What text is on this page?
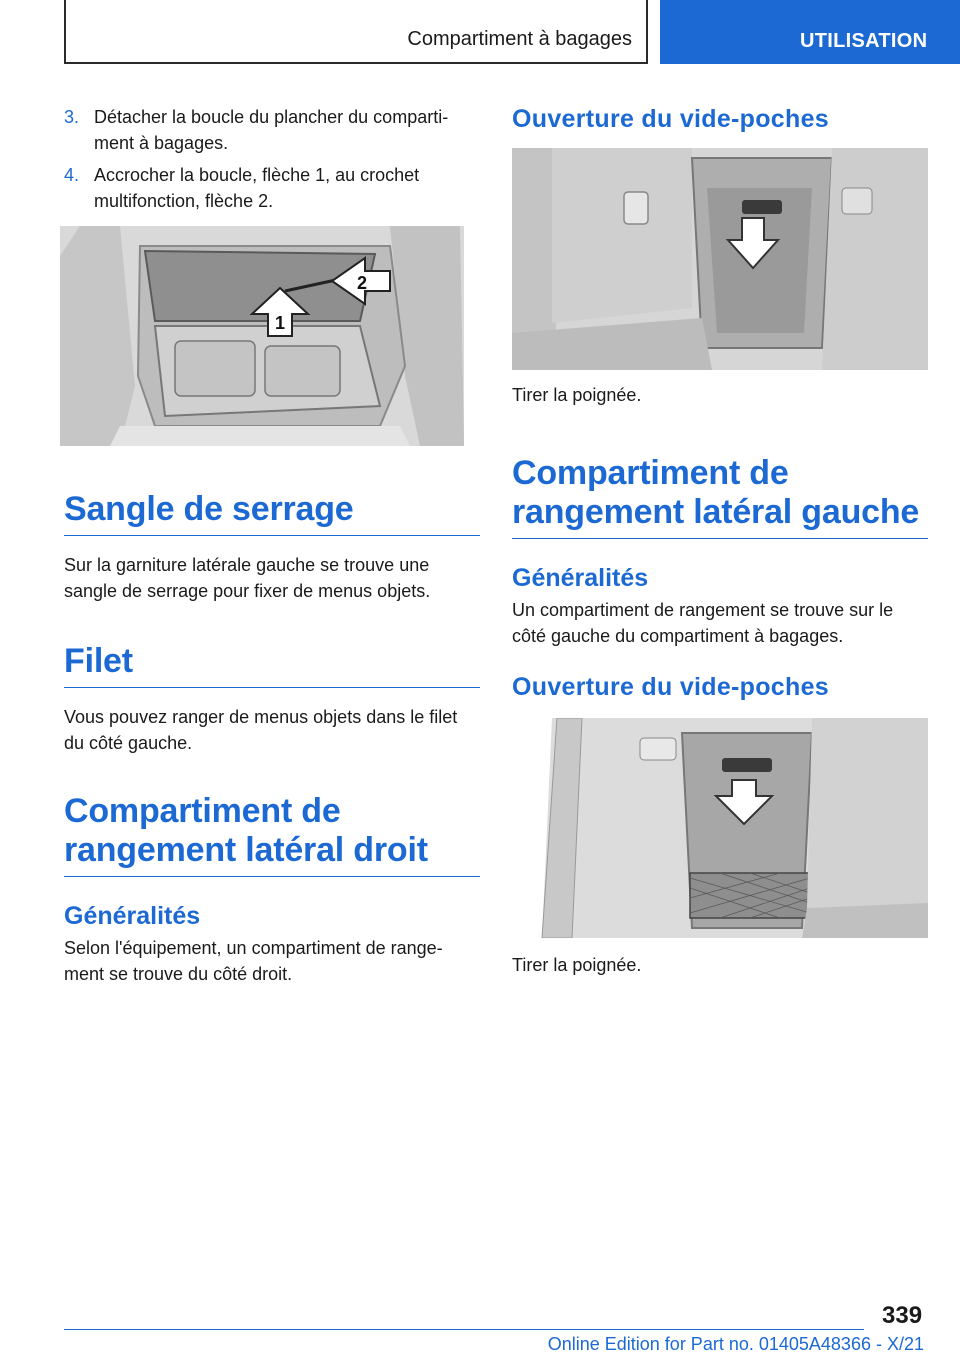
Compartiment à bagages	UTILISATION
3. Détacher la boucle du plancher du comparti-ment à bagages.
4. Accrocher la boucle, flèche 1, au crochet multifonction, flèche 2.
1
2
Sangle de serrage

Sur la garniture latérale gauche se trouve une sangle de serrage pour fixer de menus objets.

Filet

Vous pouvez ranger de menus objets dans le filet du côté gauche.

Compartiment de rangement latéral droit
Généralités

Selon l'équipement, un compartiment de range-ment se trouve du côté droit.

Ouverture du vide-poches

Tirer la poignée.

Compartiment de rangement latéral gauche
Généralités

Un compartiment de rangement se trouve sur le côté gauche du compartiment à bagages.

Ouverture du vide-poches

Tirer la poignée.

339
Online Edition for Part no. 01405A48366 - X/21
